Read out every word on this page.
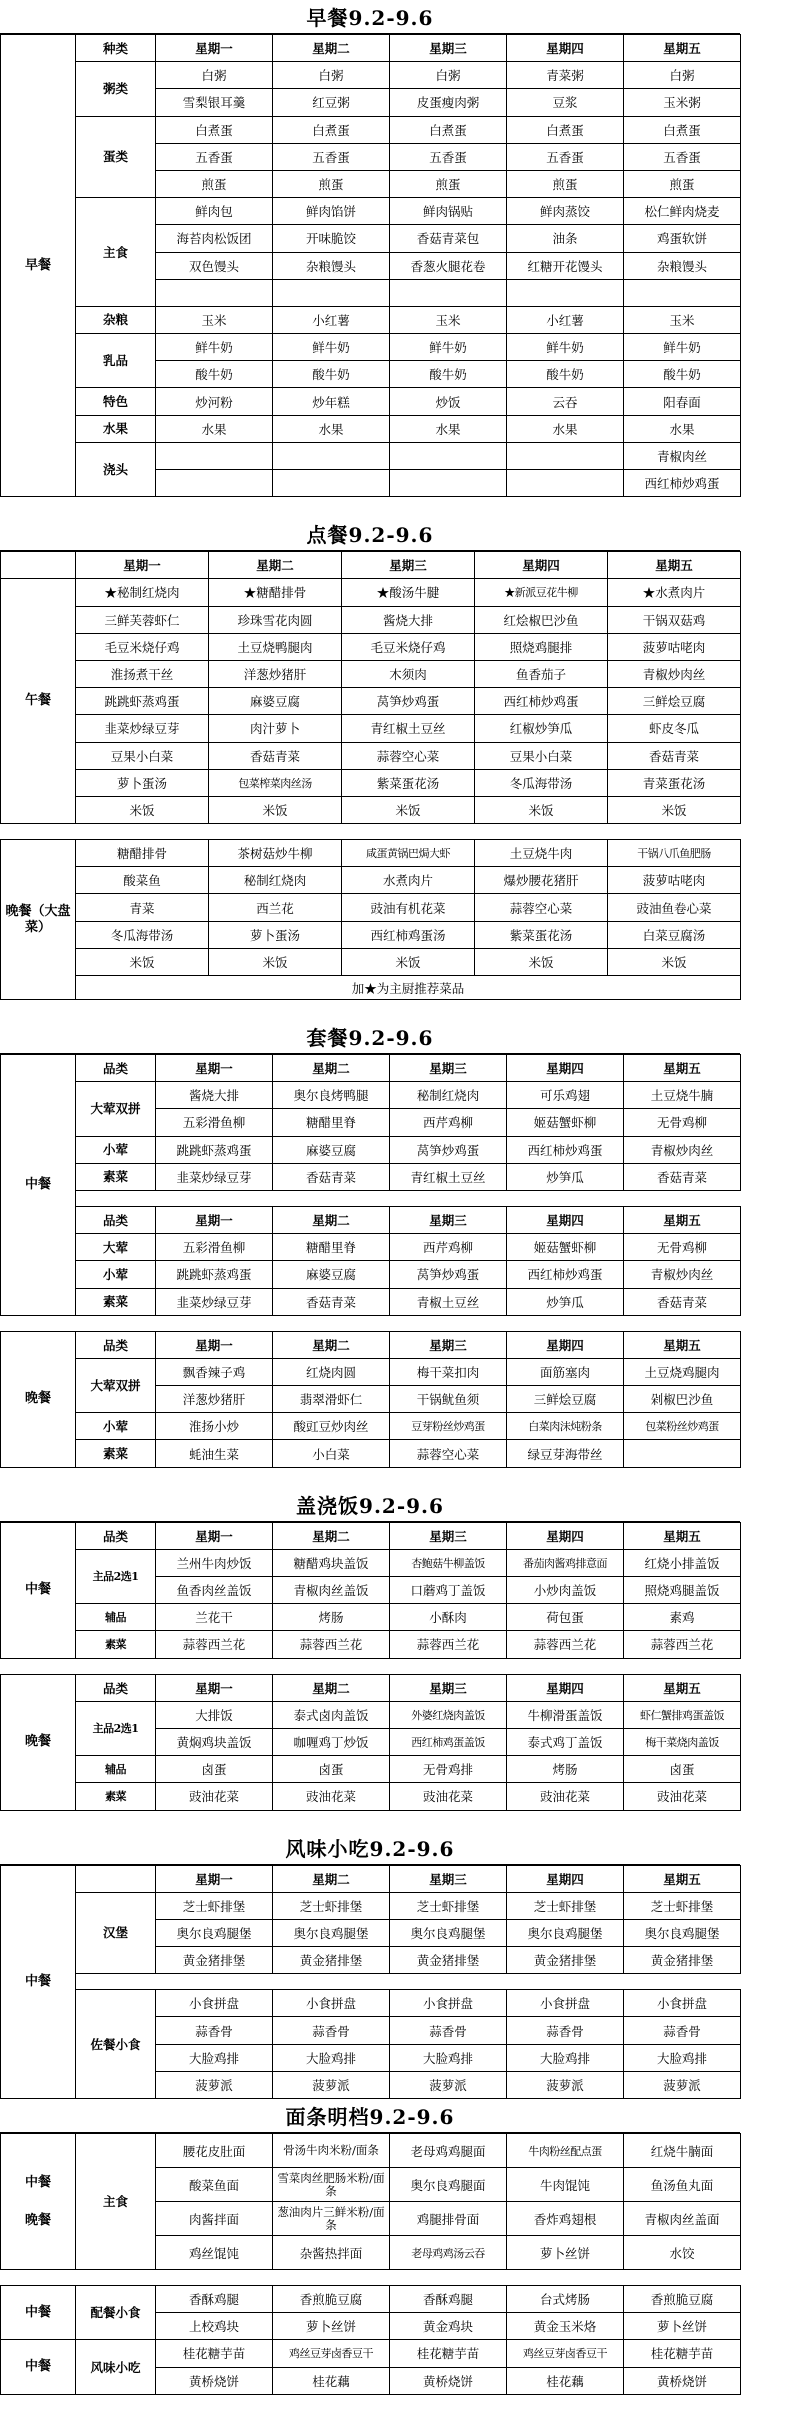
早餐9.2-9.6
早餐	种类	星期一	星期二	星期三	星期四	星期五
	粥类	白粥	白粥	白粥	青菜粥	白粥
		雪梨银耳羹	红豆粥	皮蛋瘦肉粥	豆浆	玉米粥
	蛋类	白煮蛋	白煮蛋	白煮蛋	白煮蛋	白煮蛋
		五香蛋	五香蛋	五香蛋	五香蛋	五香蛋
		煎蛋	煎蛋	煎蛋	煎蛋	煎蛋
	主食	鲜肉包	鲜肉馅饼	鲜肉锅贴	鲜肉蒸饺	松仁鲜肉烧麦
		海苔肉松饭团	开味脆饺	香菇青菜包	油条	鸡蛋软饼
		双色馒头	杂粮馒头	香葱火腿花卷	红糖开花馒头	杂粮馒头

	杂粮	玉米	小红薯	玉米	小红薯	玉米
	乳品	鲜牛奶	鲜牛奶	鲜牛奶	鲜牛奶	鲜牛奶
		酸牛奶	酸牛奶	酸牛奶	酸牛奶	酸牛奶
	特色	炒河粉	炒年糕	炒饭	云吞	阳春面
	水果	水果	水果	水果	水果	水果
	浇头					青椒肉丝
						西红柿炒鸡蛋
点餐9.2-9.6
	星期一	星期二	星期三	星期四	星期五
午餐	★秘制红烧肉	★糖醋排骨	★酸汤牛腱	★新派豆花牛柳	★水煮肉片
	三鲜芙蓉虾仁	珍珠雪花肉圆	酱烧大排	红烩椒巴沙鱼	干锅双菇鸡
	毛豆米烧仔鸡	土豆烧鸭腿肉	毛豆米烧仔鸡	照烧鸡腿排	菠萝咕咾肉
	淮扬煮干丝	洋葱炒猪肝	木须肉	鱼香茄子	青椒炒肉丝
	跳跳虾蒸鸡蛋	麻婆豆腐	莴笋炒鸡蛋	西红柿炒鸡蛋	三鲜烩豆腐
	韭菜炒绿豆芽	肉汁萝卜	青红椒土豆丝	红椒炒笋瓜	虾皮冬瓜
	豆果小白菜	香菇青菜	蒜蓉空心菜	豆果小白菜	香菇青菜
	萝卜蛋汤	包菜榨菜肉丝汤	紫菜蛋花汤	冬瓜海带汤	青菜蛋花汤
	米饭	米饭	米饭	米饭	米饭

晚餐（大盘菜）	糖醋排骨	茶树菇炒牛柳	咸蛋黄锅巴焗大虾	土豆烧牛肉	干锅八爪鱼肥肠
	酸菜鱼	秘制红烧肉	水煮肉片	爆炒腰花猪肝	菠萝咕咾肉
	青菜	西兰花	豉油有机花菜	蒜蓉空心菜	豉油鱼卷心菜
	冬瓜海带汤	萝卜蛋汤	西红柿鸡蛋汤	紫菜蛋花汤	白菜豆腐汤
	米饭	米饭	米饭	米饭	米饭
	加★为主厨推荐菜品				
套餐9.2-9.6
中餐	品类	星期一	星期二	星期三	星期四	星期五
	大荤双拼	酱烧大排	奥尔良烤鸭腿	秘制红烧肉	可乐鸡翅	土豆烧牛腩
		五彩滑鱼柳	糖醋里脊	西芹鸡柳	姬菇蟹虾柳	无骨鸡柳
	小荤	跳跳虾蒸鸡蛋	麻婆豆腐	莴笋炒鸡蛋	西红柿炒鸡蛋	青椒炒肉丝
	素菜	韭菜炒绿豆芽	香菇青菜	青红椒土豆丝	炒笋瓜	香菇青菜

	品类	星期一	星期二	星期三	星期四	星期五
	大荤	五彩滑鱼柳	糖醋里脊	西芹鸡柳	姬菇蟹虾柳	无骨鸡柳
	小荤	跳跳虾蒸鸡蛋	麻婆豆腐	莴笋炒鸡蛋	西红柿炒鸡蛋	青椒炒肉丝
	素菜	韭菜炒绿豆芽	香菇青菜	青椒土豆丝	炒笋瓜	香菇青菜

晚餐	品类	星期一	星期二	星期三	星期四	星期五
	大荤双拼	飘香辣子鸡	红烧肉圆	梅干菜扣肉	面筋塞肉	土豆烧鸡腿肉
		洋葱炒猪肝	翡翠滑虾仁	干锅鱿鱼须	三鲜烩豆腐	剁椒巴沙鱼
	小荤	淮扬小炒	酸豇豆炒肉丝	豆芽粉丝炒鸡蛋	白菜肉沫炖粉条	包菜粉丝炒鸡蛋
	素菜	蚝油生菜	小白菜	蒜蓉空心菜	绿豆芽海带丝	
盖浇饭9.2-9.6
中餐	品类	星期一	星期二	星期三	星期四	星期五
	主品2选1	兰州牛肉炒饭	糖醋鸡块盖饭	杏鲍菇牛柳盖饭	番茄肉酱鸡排意面	红烧小排盖饭
		鱼香肉丝盖饭	青椒肉丝盖饭	口蘑鸡丁盖饭	小炒肉盖饭	照烧鸡腿盖饭
	辅品	兰花干	烤肠	小酥肉	荷包蛋	素鸡
	素菜	蒜蓉西兰花	蒜蓉西兰花	蒜蓉西兰花	蒜蓉西兰花	蒜蓉西兰花

晚餐	品类	星期一	星期二	星期三	星期四	星期五
	主品2选1	大排饭	泰式卤肉盖饭	外婆红烧肉盖饭	牛柳滑蛋盖饭	虾仁蟹排鸡蛋盖饭
		黄焖鸡块盖饭	咖喱鸡丁炒饭	西红柿鸡蛋盖饭	泰式鸡丁盖饭	梅干菜烧肉盖饭
	辅品	卤蛋	卤蛋	无骨鸡排	烤肠	卤蛋
	素菜	豉油花菜	豉油花菜	豉油花菜	豉油花菜	豉油花菜
风味小吃9.2-9.6
中餐		星期一	星期二	星期三	星期四	星期五
	汉堡	芝士虾排堡	芝士虾排堡	芝士虾排堡	芝士虾排堡	芝士虾排堡
		奥尔良鸡腿堡	奥尔良鸡腿堡	奥尔良鸡腿堡	奥尔良鸡腿堡	奥尔良鸡腿堡
		黄金猪排堡	黄金猪排堡	黄金猪排堡	黄金猪排堡	黄金猪排堡

	佐餐小食	小食拼盘	小食拼盘	小食拼盘	小食拼盘	小食拼盘
		蒜香骨	蒜香骨	蒜香骨	蒜香骨	蒜香骨
		大脸鸡排	大脸鸡排	大脸鸡排	大脸鸡排	大脸鸡排
		菠萝派	菠萝派	菠萝派	菠萝派	菠萝派
面条明档9.2-9.6
中餐
晚餐	主食	腰花皮肚面	骨汤牛肉米粉/面条	老母鸡鸡腿面	牛肉粉丝配点蛋	红烧牛腩面
		酸菜鱼面	雪菜肉丝肥肠米粉/面条	奥尔良鸡腿面	牛肉馄饨	鱼汤鱼丸面
		肉酱拌面	葱油肉片三鲜米粉/面条	鸡腿排骨面	香炸鸡翅根	青椒肉丝盖面
		鸡丝馄饨	杂酱热拌面	老母鸡鸡汤云吞	萝卜丝饼	水饺

中餐	配餐小食	香酥鸡腿	香煎脆豆腐	香酥鸡腿	台式烤肠	香煎脆豆腐
		上校鸡块	萝卜丝饼	黄金鸡块	黄金玉米烙	萝卜丝饼
中餐	风味小吃	桂花糖芋苗	鸡丝豆芽卤香豆干	桂花糖芋苗	鸡丝豆芽卤香豆干	桂花糖芋苗
		黄桥烧饼	桂花藕	黄桥烧饼	桂花藕	黄桥烧饼
